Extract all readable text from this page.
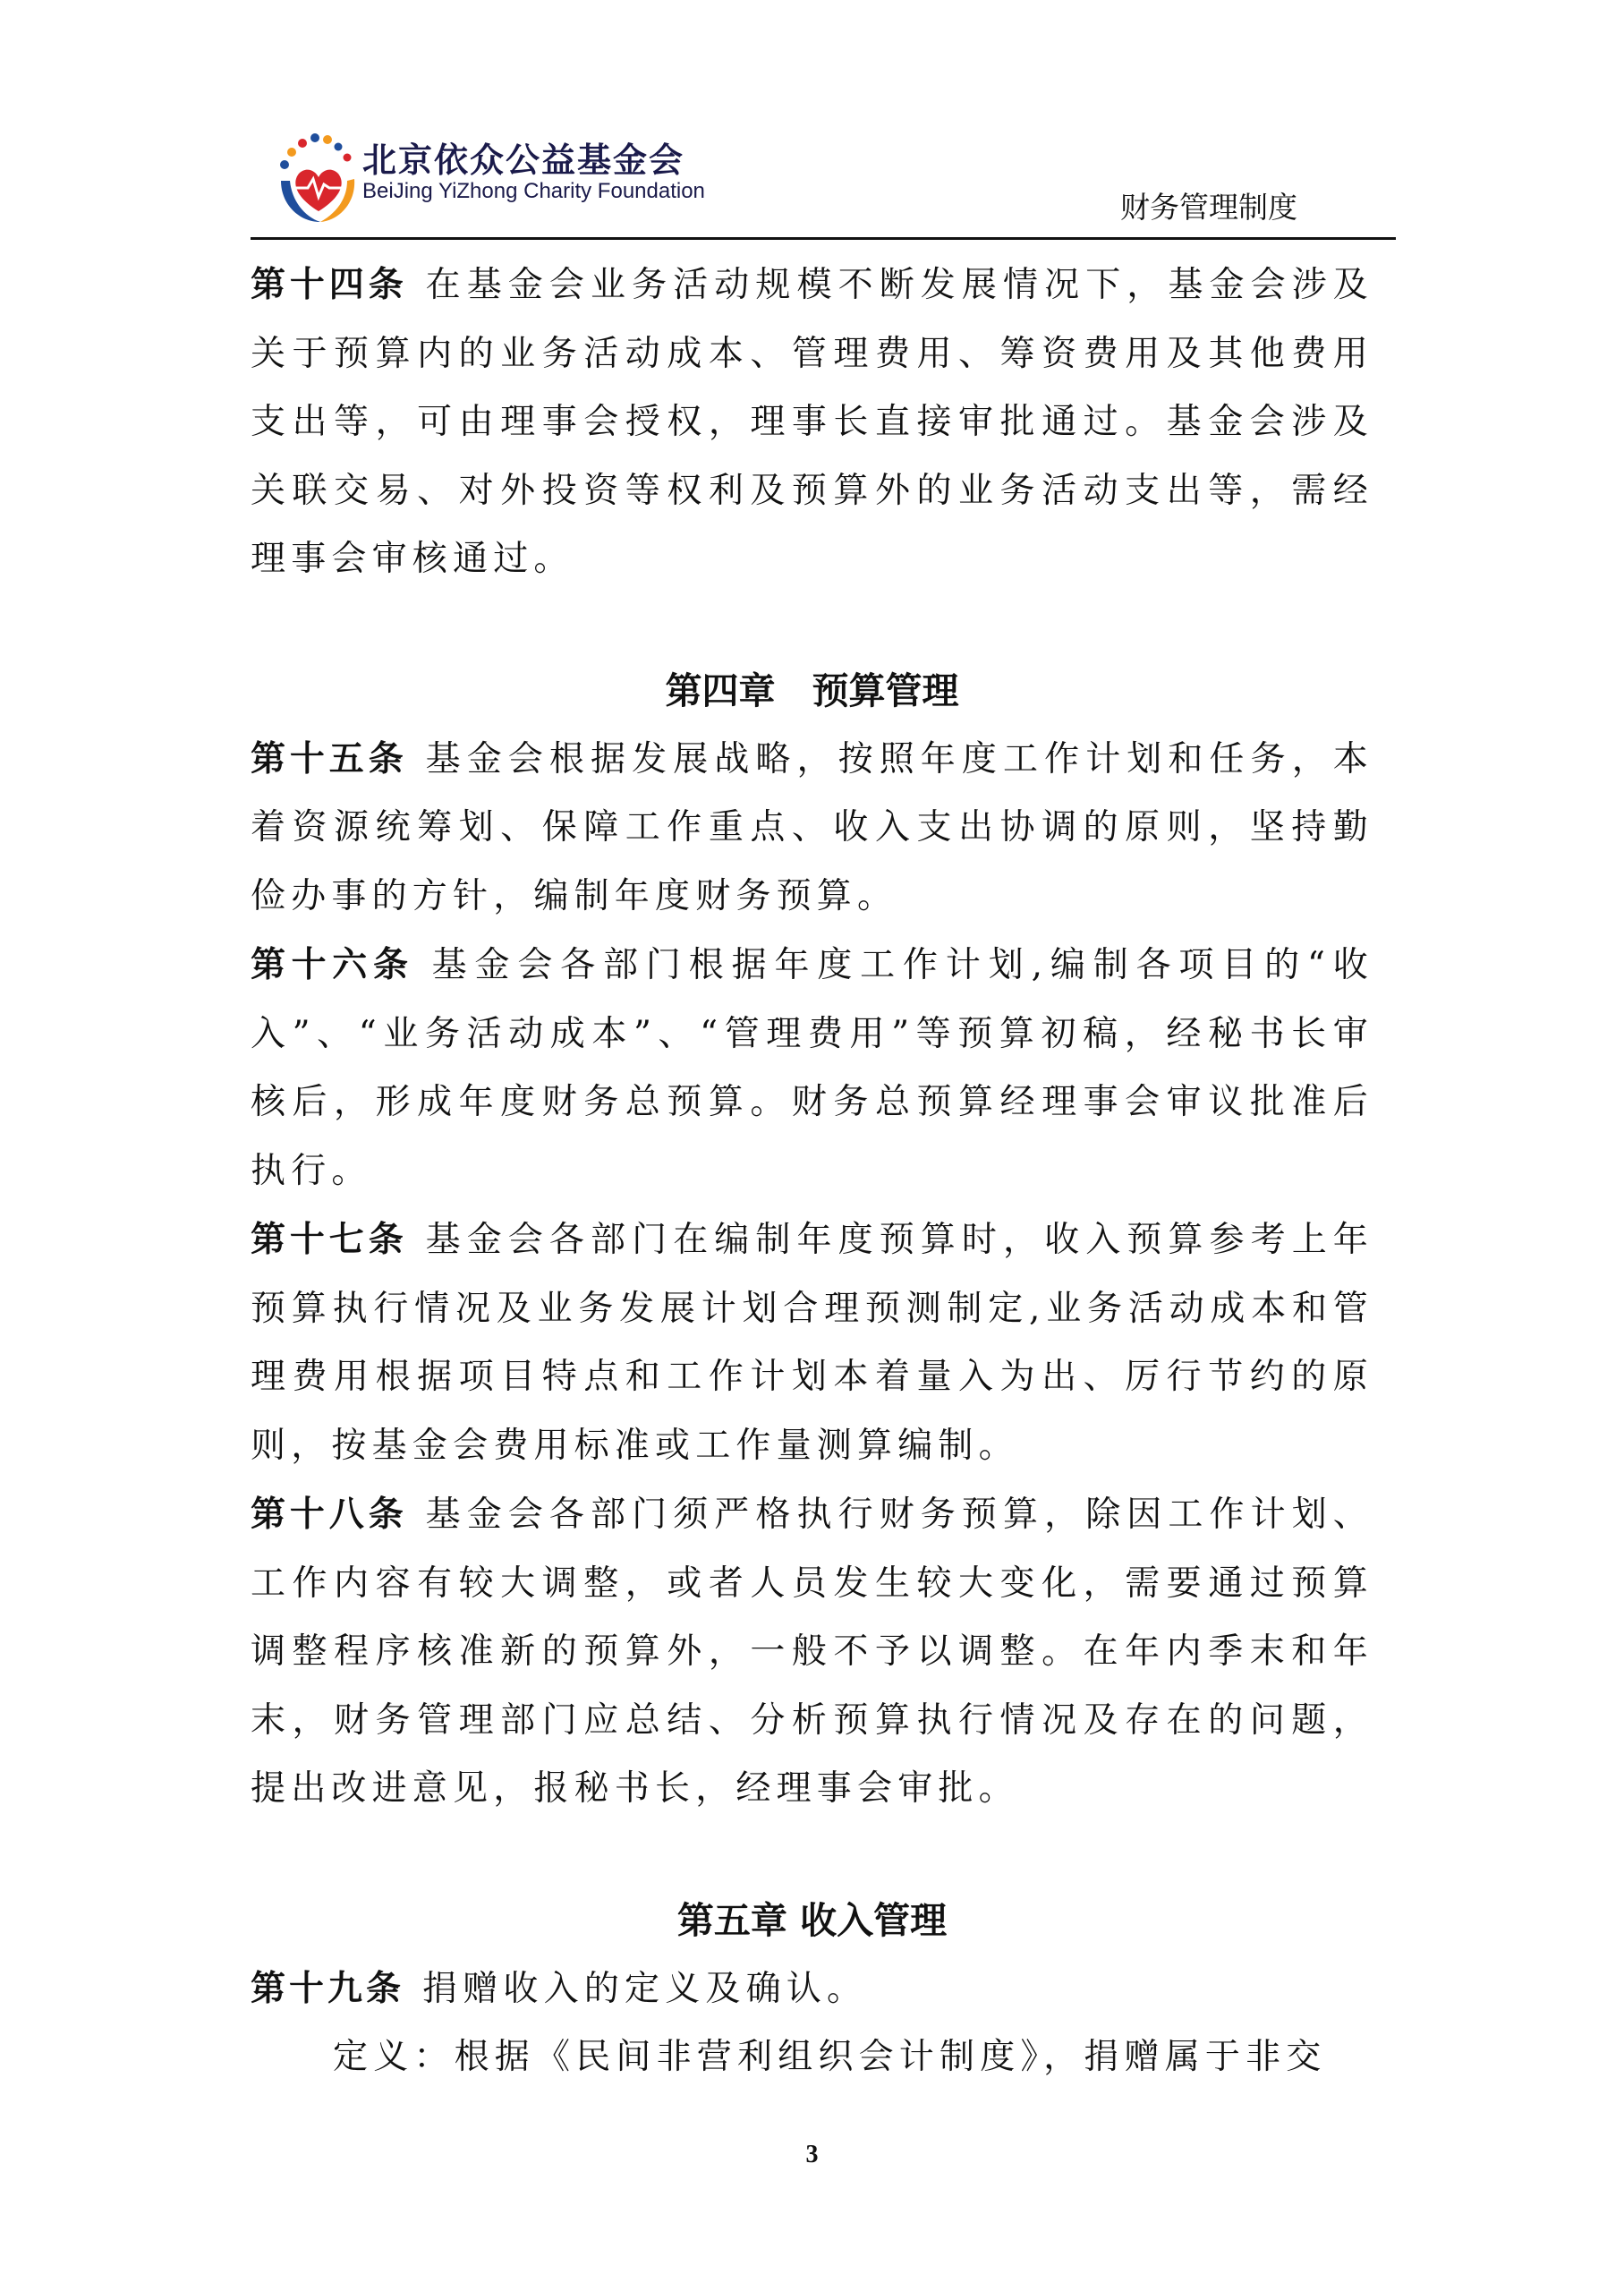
北京依众公益基金会
BeiJing YiZhong Charity Foundation	财务管理制度

第十四条 在基金会业务活动规模不断发展情况下，基金会涉及关于预算内的业务活动成本、管理费用、筹资费用及其他费用支出等，可由理事会授权，理事长直接审批通过。基金会涉及关联交易、对外投资等权利及预算外的业务活动支出等，需经理事会审核通过。

第四章　预算管理

第十五条 基金会根据发展战略，按照年度工作计划和任务，本着资源统筹划、保障工作重点、收入支出协调的原则，坚持勤俭办事的方针，编制年度财务预算。

第十六条 基金会各部门根据年度工作计划,编制各项目的“收入”、“业务活动成本”、“管理费用”等预算初稿，经秘书长审核后，形成年度财务总预算。财务总预算经理事会审议批准后执行。

第十七条 基金会各部门在编制年度预算时，收入预算参考上年预算执行情况及业务发展计划合理预测制定,业务活动成本和管理费用根据项目特点和工作计划本着量入为出、厉行节约的原则，按基金会费用标准或工作量测算编制。

第十八条 基金会各部门须严格执行财务预算，除因工作计划、工作内容有较大调整，或者人员发生较大变化，需要通过预算调整程序核准新的预算外，一般不予以调整。在年内季末和年末，财务管理部门应总结、分析预算执行情况及存在的问题，提出改进意见，报秘书长，经理事会审批。

第五章 收入管理

第十九条 捐赠收入的定义及确认。

定义：根据《民间非营利组织会计制度》，捐赠属于非交

3
